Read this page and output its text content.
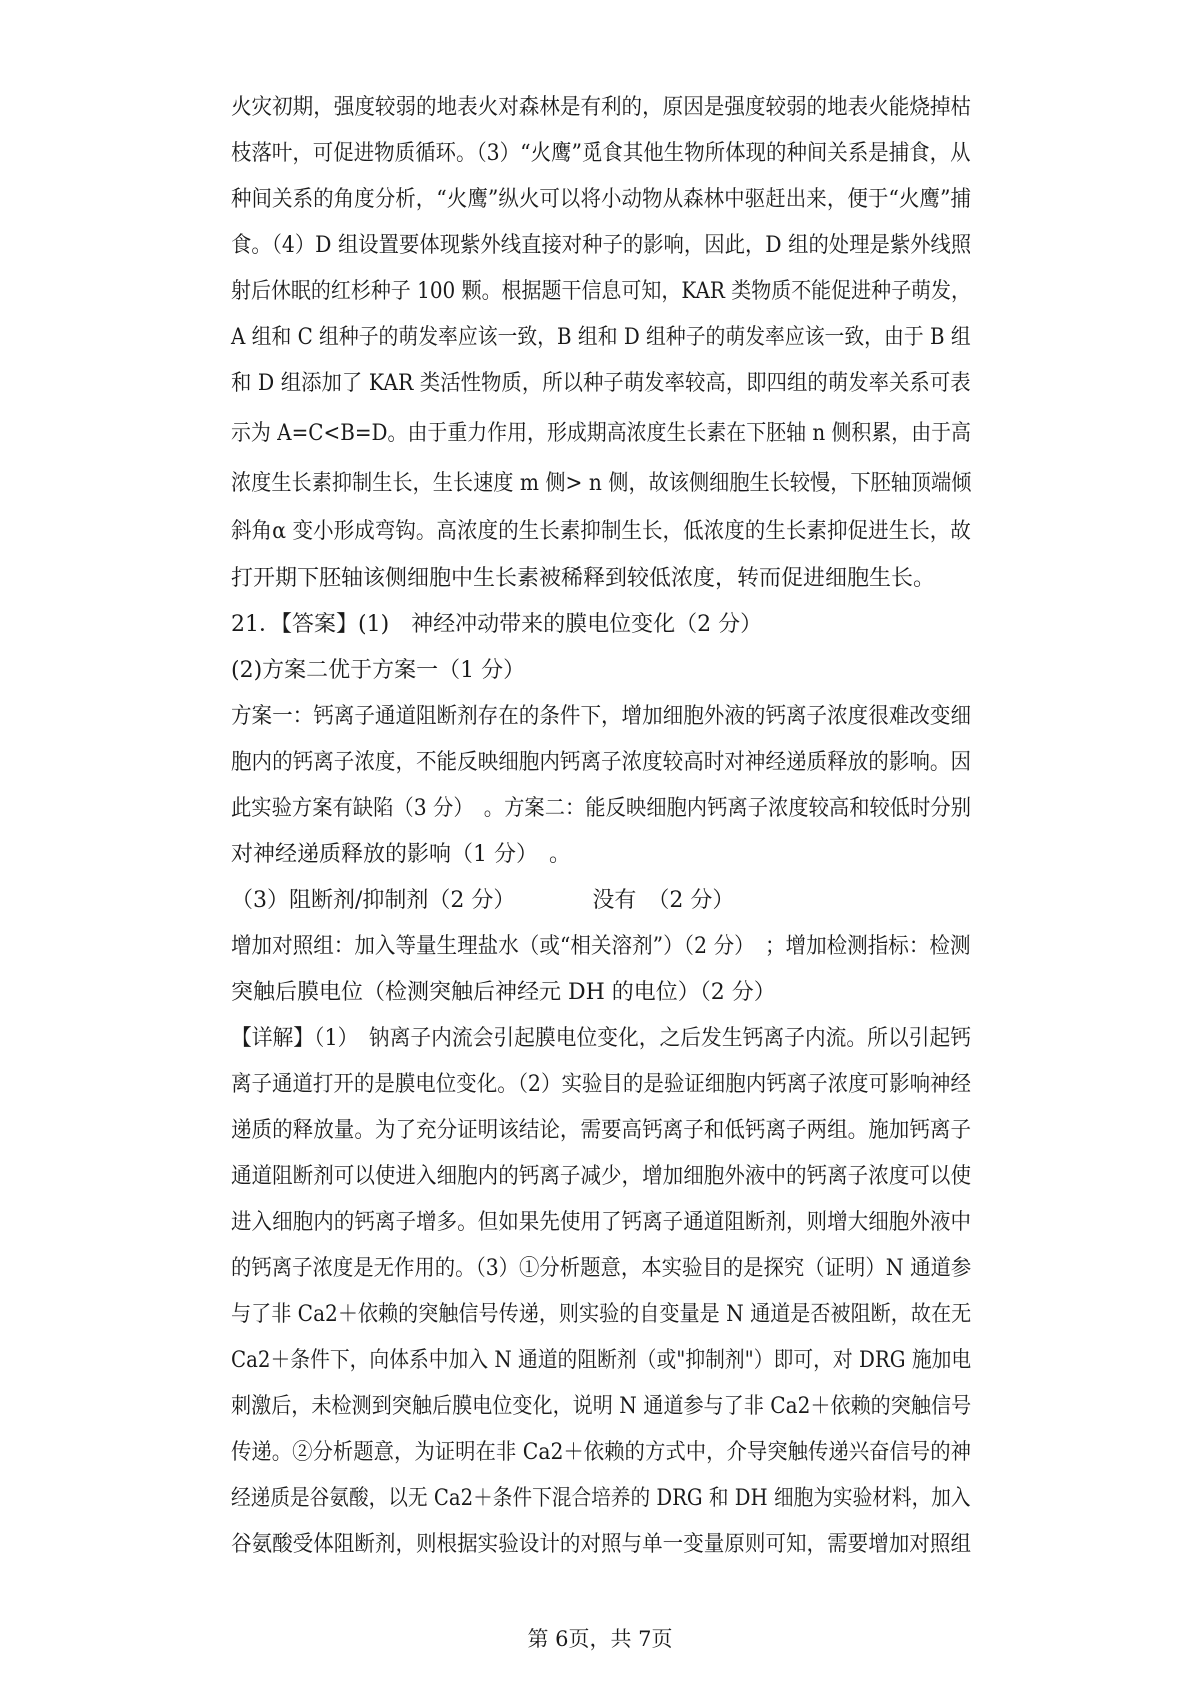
火灾初期，强度较弱的地表火对森林是有利的，原因是强度较弱的地表火能烧掉枯
枝落叶，可促进物质循环。（3）“火鹰”觅食其他生物所体现的种间关系是捕食，从
种间关系的角度分析，“火鹰”纵火可以将小动物从森林中驱赶出来，便于“火鹰”捕
食。（4）D 组设置要体现紫外线直接对种子的影响，因此，D 组的处理是紫外线照
射后休眠的红杉种子 100 颗。根据题干信息可知，KAR 类物质不能促进种子萌发，
A 组和 C 组种子的萌发率应该一致，B 组和 D 组种子的萌发率应该一致，由于 B 组
和 D 组添加了 KAR 类活性物质，所以种子萌发率较高，即四组的萌发率关系可表
示为 A=C<B=D。由于重力作用，形成期高浓度生长素在下胚轴 n 侧积累，由于高
浓度生长素抑制生长，生长速度 m 侧> n 侧，故该侧细胞生长较慢，下胚轴顶端倾
斜角α 变小形成弯钩。高浓度的生长素抑制生长，低浓度的生长素抑促进生长，故
打开期下胚轴该侧细胞中生长素被稀释到较低浓度，转而促进细胞生长。
21．【答案】(1)　神经冲动带来的膜电位变化（2 分）
(2)方案二优于方案一（1 分）
方案一：钙离子通道阻断剂存在的条件下，增加细胞外液的钙离子浓度很难改变细
胞内的钙离子浓度，不能反映细胞内钙离子浓度较高时对神经递质释放的影响。因
此实验方案有缺陷（3 分）　。方案二：能反映细胞内钙离子浓度较高和较低时分别
对神经递质释放的影响（1 分）　。
（3）阻断剂/抑制剂（2 分）　　　　没有　（2 分）
增加对照组：加入等量生理盐水（或“相关溶剂”）（2 分）　；增加检测指标：检测
突触后膜电位（检测突触后神经元 DH 的电位）（2 分）
【详解】（1）　钠离子内流会引起膜电位变化，之后发生钙离子内流。所以引起钙
离子通道打开的是膜电位变化。（2）实验目的是验证细胞内钙离子浓度可影响神经
递质的释放量。为了充分证明该结论，需要高钙离子和低钙离子两组。施加钙离子
通道阻断剂可以使进入细胞内的钙离子减少，增加细胞外液中的钙离子浓度可以使
进入细胞内的钙离子增多。但如果先使用了钙离子通道阻断剂，则增大细胞外液中
的钙离子浓度是无作用的。（3）①分析题意，本实验目的是探究（证明）N 通道参
与了非 Ca2＋依赖的突触信号传递，则实验的自变量是 N 通道是否被阻断，故在无
Ca2＋条件下，向体系中加入 N 通道的阻断剂（或"抑制剂"）即可，对 DRG 施加电
刺激后，未检测到突触后膜电位变化，说明 N 通道参与了非 Ca2＋依赖的突触信号
传递。②分析题意，为证明在非 Ca2＋依赖的方式中，介导突触传递兴奋信号的神
经递质是谷氨酸，以无 Ca2＋条件下混合培养的 DRG 和 DH 细胞为实验材料，加入
谷氨酸受体阻断剂，则根据实验设计的对照与单一变量原则可知，需要增加对照组
第 6页，共 7页
